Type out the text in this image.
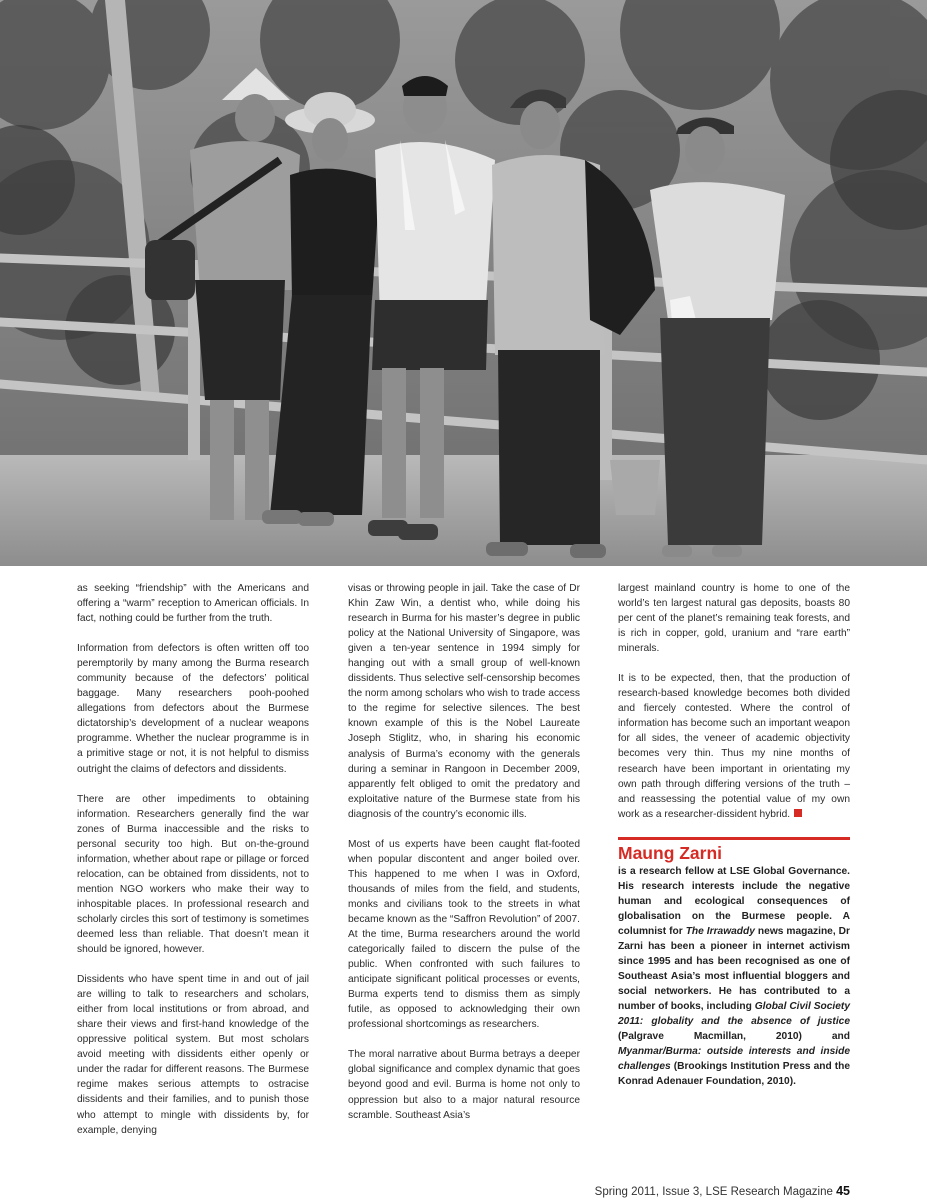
as seeking “friendship” with the Americans and offering a “warm” reception to American officials. In fact, nothing could be further from the truth.

Information from defectors is often written off too peremptorily by many among the Burma research community because of the defectors’ political baggage. Many researchers pooh-poohed allegations from defectors about the Burmese dictatorship’s development of a nuclear weapons programme. Whether the nuclear programme is in a primitive stage or not, it is not helpful to dismiss outright the claims of defectors and dissidents.

There are other impediments to obtaining information. Researchers generally find the war zones of Burma inaccessible and the risks to personal security too high. But on-the-ground information, whether about rape or pillage or forced relocation, can be obtained from dissidents, not to mention NGO workers who make their way to inhospitable places. In professional research and scholarly circles this sort of testimony is sometimes deemed less than reliable. That doesn’t mean it should be ignored, however.

Dissidents who have spent time in and out of jail are willing to talk to researchers and scholars, either from local institutions or from abroad, and share their views and first-hand knowledge of the oppressive political system. But most scholars avoid meeting with dissidents either openly or under the radar for different reasons. The Burmese regime makes serious attempts to ostracise dissidents and their families, and to punish those who attempt to mingle with dissidents by, for example, denying

visas or throwing people in jail. Take the case of Dr Khin Zaw Win, a dentist who, while doing his research in Burma for his master’s degree in public policy at the National University of Singapore, was given a ten-year sentence in 1994 simply for hanging out with a small group of well-known dissidents. Thus selective self-censorship becomes the norm among scholars who wish to trade access to the regime for selective silences. The best known example of this is the Nobel Laureate Joseph Stiglitz, who, in sharing his economic analysis of Burma’s economy with the generals during a seminar in Rangoon in December 2009, apparently felt obliged to omit the predatory and exploitative nature of the Burmese state from his diagnosis of the country’s economic ills.

Most of us experts have been caught flat-footed when popular discontent and anger boiled over. This happened to me when I was in Oxford, thousands of miles from the field, and students, monks and civilians took to the streets in what became known as the “Saffron Revolution” of 2007. At the time, Burma researchers around the world categorically failed to discern the pulse of the public. When confronted with such failures to anticipate significant political processes or events, Burma experts tend to dismiss them as simply futile, as opposed to acknowledging their own professional shortcomings as researchers.

The moral narrative about Burma betrays a deeper global significance and complex dynamic that goes beyond good and evil. Burma is home not only to oppression but also to a major natural resource scramble. Southeast Asia’s

largest mainland country is home to one of the world’s ten largest natural gas deposits, boasts 80 per cent of the planet’s remaining teak forests, and is rich in copper, gold, uranium and “rare earth” minerals.

It is to be expected, then, that the production of research-based knowledge becomes both divided and fiercely contested. Where the control of information has become such an important weapon for all sides, the veneer of academic objectivity becomes very thin. Thus my nine months of research have been important in orientating my own path through differing versions of the truth – and reassessing the potential value of my own work as a researcher-dissident hybrid.

Maung Zarni

is a research fellow at LSE Global Governance. His research interests include the negative human and ecological consequences of globalisation on the Burmese people. A columnist for The Irrawaddy news magazine, Dr Zarni has been a pioneer in internet activism since 1995 and has been recognised as one of Southeast Asia’s most influential bloggers and social networkers. He has contributed to a number of books, including Global Civil Society 2011: globality and the absence of justice (Palgrave Macmillan, 2010) and Myanmar/Burma: outside interests and inside challenges (Brookings Institution Press and the Konrad Adenauer Foundation, 2010).

Spring 2011, Issue 3, LSE Research Magazine 45
